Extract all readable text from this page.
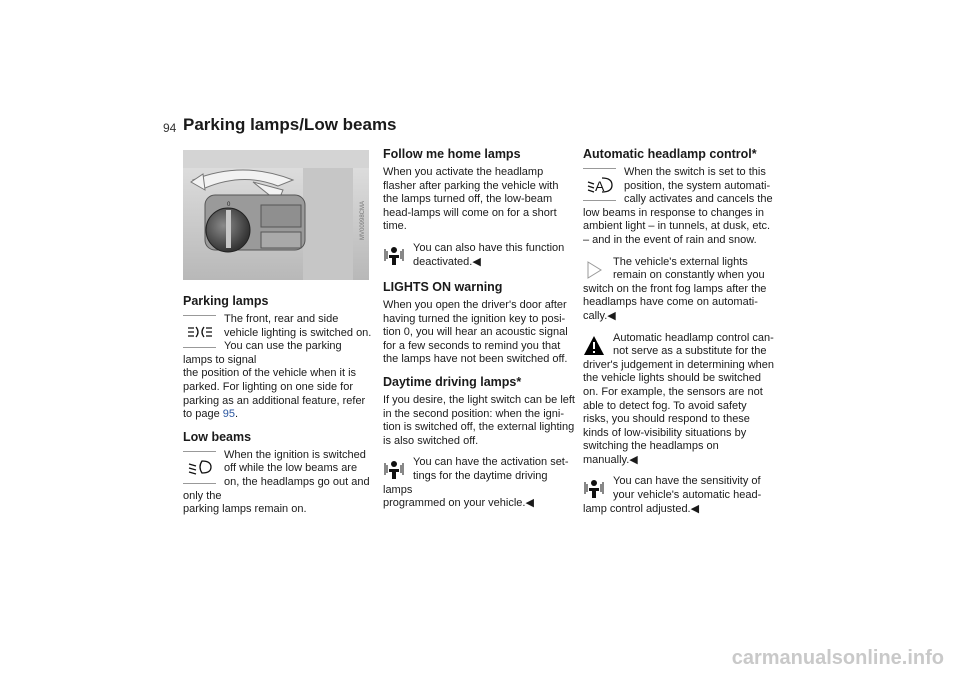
94 Parking lamps/Low beams
0	MV00998CMA
Parking lamps

The front, rear and side vehicle lighting is switched on. You can use the parking lamps to signal

the position of the vehicle when it is parked. For lighting on one side for parking as an additional feature, refer to page 95.

Low beams

When the ignition is switched off while the low beams are on, the headlamps go out and only the

parking lamps remain on.

Follow me home lamps

When you activate the headlamp flasher after parking the vehicle with the lamps turned off, the low-beam head-lamps will come on for a short time.

You can also have this function deactivated.◀

LIGHTS ON warning

When you open the driver's door after having turned the ignition key to posi-tion 0, you will hear an acoustic signal for a few seconds to remind you that the lamps have not been switched off.

Daytime driving lamps*

If you desire, the light switch can be left in the second position: when the igni-tion is switched off, the external lighting is also switched off.

You can have the activation set-tings for the daytime driving lamps

programmed on your vehicle.◀

Automatic headlamp control*
A

When the switch is set to this position, the system automati-cally activates and cancels the

low beams in response to changes in ambient light – in tunnels, at dusk, etc. – and in the event of rain and snow.

The vehicle's external lights remain on constantly when you

switch on the front fog lamps after the headlamps have come on automati-cally.◀

Automatic headlamp control can-not serve as a substitute for the

driver's judgement in determining when the vehicle lights should be switched on. For example, the sensors are not able to detect fog. To avoid safety risks, you should respond to these kinds of low-visibility situations by switching the headlamps on manually.◀

You can have the sensitivity of your vehicle's automatic head-

lamp control adjusted.◀

carmanualsonline.info
